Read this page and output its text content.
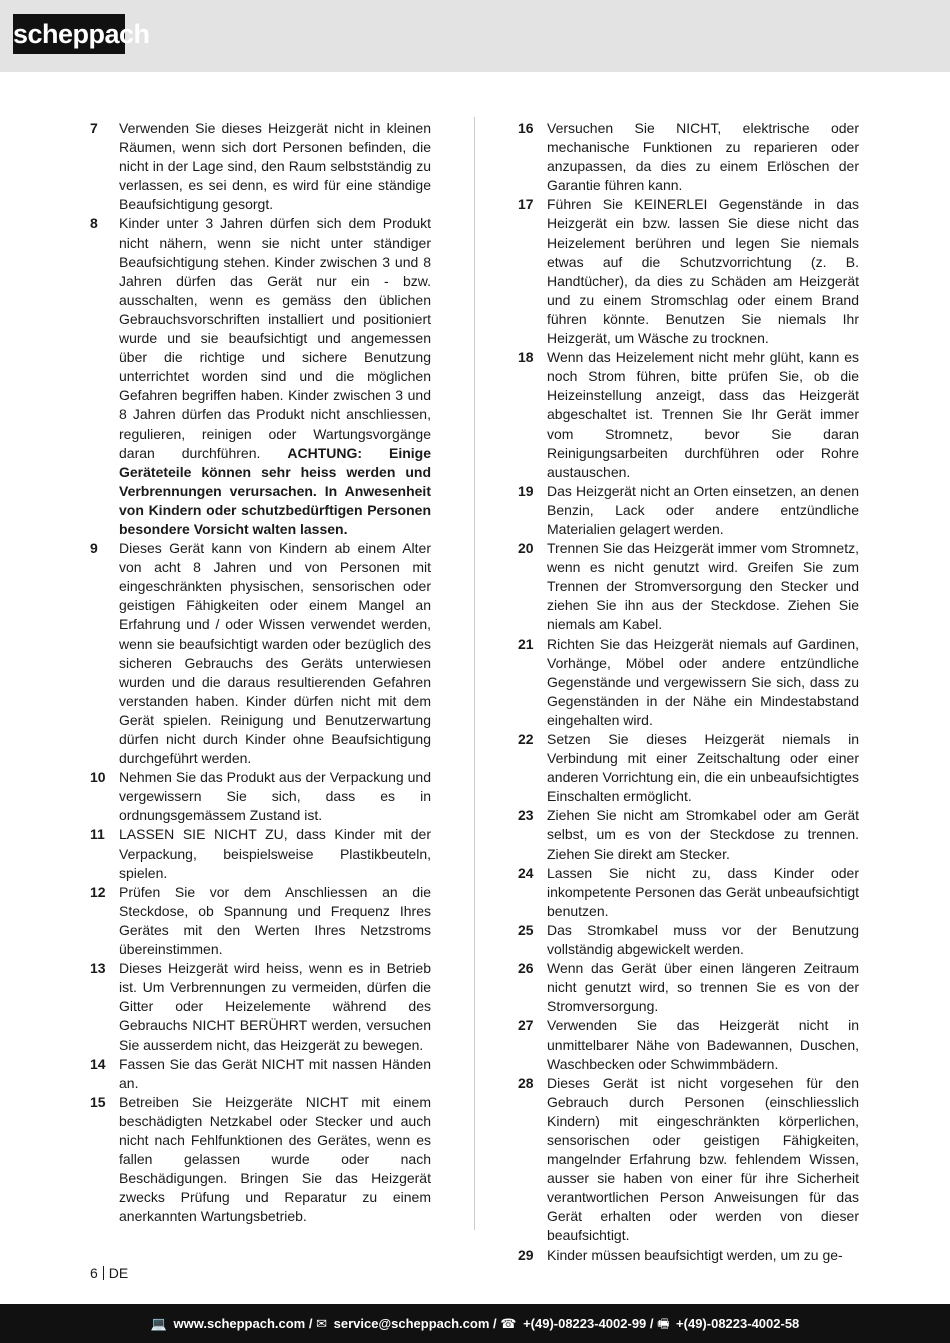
scheppach
7	Verwenden Sie dieses Heizgerät nicht in kleinen Räumen, wenn sich dort Personen befinden, die nicht in der Lage sind, den Raum selbstständig zu verlassen, es sei denn, es wird für eine ständige Beaufsichtigung gesorgt.
8	Kinder unter 3 Jahren dürfen sich dem Produkt nicht nähern, wenn sie nicht unter ständiger Beaufsichtigung stehen. Kinder zwischen 3 und 8 Jahren dürfen das Gerät nur ein - bzw. ausschalten, wenn es gemäss den üblichen Gebrauchsvorschriften installiert und positioniert wurde und sie beaufsichtigt und angemessen über die richtige und sichere Benutzung unterrichtet worden sind und die möglichen Gefahren begriffen haben. Kinder zwischen 3 und 8 Jahren dürfen das Produkt nicht anschliessen, regulieren, reinigen oder Wartungsvorgänge daran durchführen. ACHTUNG: Einige Geräteteile können sehr heiss werden und Verbrennungen verursachen. In Anwesenheit von Kindern oder schutzbedürftigen Personen besondere Vorsicht walten lassen.
9	Dieses Gerät kann von Kindern ab einem Alter von acht 8 Jahren und von Personen mit eingeschränkten physischen, sensorischen oder geistigen Fähigkeiten oder einem Mangel an Erfahrung und / oder Wissen verwendet werden, wenn sie beaufsichtigt warden oder bezüglich des sicheren Gebrauchs des Geräts unterwiesen wurden und die daraus resultierenden Gefahren verstanden haben. Kinder dürfen nicht mit dem Gerät spielen. Reinigung und Benutzerwartung dürfen nicht durch Kinder ohne Beaufsichtigung durchgeführt werden.
10 Nehmen Sie das Produkt aus der Verpackung und vergewissern Sie sich, dass es in ordnungsgemässem Zustand ist.
11	LASSEN SIE NICHT ZU, dass Kinder mit der Verpackung, beispielsweise Plastikbeuteln, spielen.
12 Prüfen Sie vor dem Anschliessen an die Steckdose, ob Spannung und Frequenz Ihres Gerätes mit den Werten Ihres Netzstroms übereinstimmen.
13 Dieses Heizgerät wird heiss, wenn es in Betrieb ist. Um Verbrennungen zu vermeiden, dürfen die Gitter oder Heizelemente während des Gebrauchs NICHT BERÜHRT werden, versuchen Sie ausserdem nicht, das Heizgerät zu bewegen.
14 Fassen Sie das Gerät NICHT mit nassen Händen an.
15 Betreiben Sie Heizgeräte NICHT mit einem beschädigten Netzkabel oder Stecker und auch nicht nach Fehlfunktionen des Gerätes, wenn es fallen gelassen wurde oder nach Beschädigungen. Bringen Sie das Heizgerät zwecks Prüfung und Reparatur zu einem anerkannten Wartungsbetrieb.
16 Versuchen Sie NICHT, elektrische oder mechanische Funktionen zu reparieren oder anzupassen, da dies zu einem Erlöschen der Garantie führen kann.
17 Führen Sie KEINERLEI Gegenstände in das Heizgerät ein bzw. lassen Sie diese nicht das Heizelement berühren und legen Sie niemals etwas auf die Schutzvorrichtung (z. B. Handtücher), da dies zu Schäden am Heizgerät und zu einem Stromschlag oder einem Brand führen könnte. Benutzen Sie niemals Ihr Heizgerät, um Wäsche zu trocknen.
18 Wenn das Heizelement nicht mehr glüht, kann es noch Strom führen, bitte prüfen Sie, ob die Heizeinstellung anzeigt, dass das Heizgerät abgeschaltet ist. Trennen Sie Ihr Gerät immer vom Stromnetz, bevor Sie daran Reinigungsarbeiten durchführen oder Rohre austauschen.
19 Das Heizgerät nicht an Orten einsetzen, an denen Benzin, Lack oder andere entzündliche Materialien gelagert werden.
20 Trennen Sie das Heizgerät immer vom Stromnetz, wenn es nicht genutzt wird. Greifen Sie zum Trennen der Stromversorgung den Stecker und ziehen Sie ihn aus der Steckdose. Ziehen Sie niemals am Kabel.
21 Richten Sie das Heizgerät niemals auf Gardinen, Vorhänge, Möbel oder andere entzündliche Gegenstände und vergewissern Sie sich, dass zu Gegenständen in der Nähe ein Mindestabstand eingehalten wird.
22 Setzen Sie dieses Heizgerät niemals in Verbindung mit einer Zeitschaltung oder einer anderen Vorrichtung ein, die ein unbeaufsichtigtes Einschalten ermöglicht.
23 Ziehen Sie nicht am Stromkabel oder am Gerät selbst, um es von der Steckdose zu trennen. Ziehen Sie direkt am Stecker.
24 Lassen Sie nicht zu, dass Kinder oder inkompetente Personen das Gerät unbeaufsichtigt benutzen.
25 Das Stromkabel muss vor der Benutzung vollständig abgewickelt werden.
26 Wenn das Gerät über einen längeren Zeitraum nicht genutzt wird, so trennen Sie es von der Stromversorgung.
27 Verwenden Sie das Heizgerät nicht in unmittelbarer Nähe von Badewannen, Duschen, Waschbecken oder Schwimmbädern.
28 Dieses Gerät ist nicht vorgesehen für den Gebrauch durch Personen (einschliesslich Kindern) mit eingeschränkten körperlichen, sensorischen oder geistigen Fähigkeiten, mangelnder Erfahrung bzw. fehlendem Wissen, ausser sie haben von einer für ihre Sicherheit verantwortlichen Person Anweisungen für das Gerät erhalten oder werden von dieser beaufsichtigt.
29 Kinder müssen beaufsichtigt werden, um zu ge-
6 DE
💻 www.scheppach.com / ✉ service@scheppach.com / ☎ +(49)-08223-4002-99 / 🖷 +(49)-08223-4002-58
